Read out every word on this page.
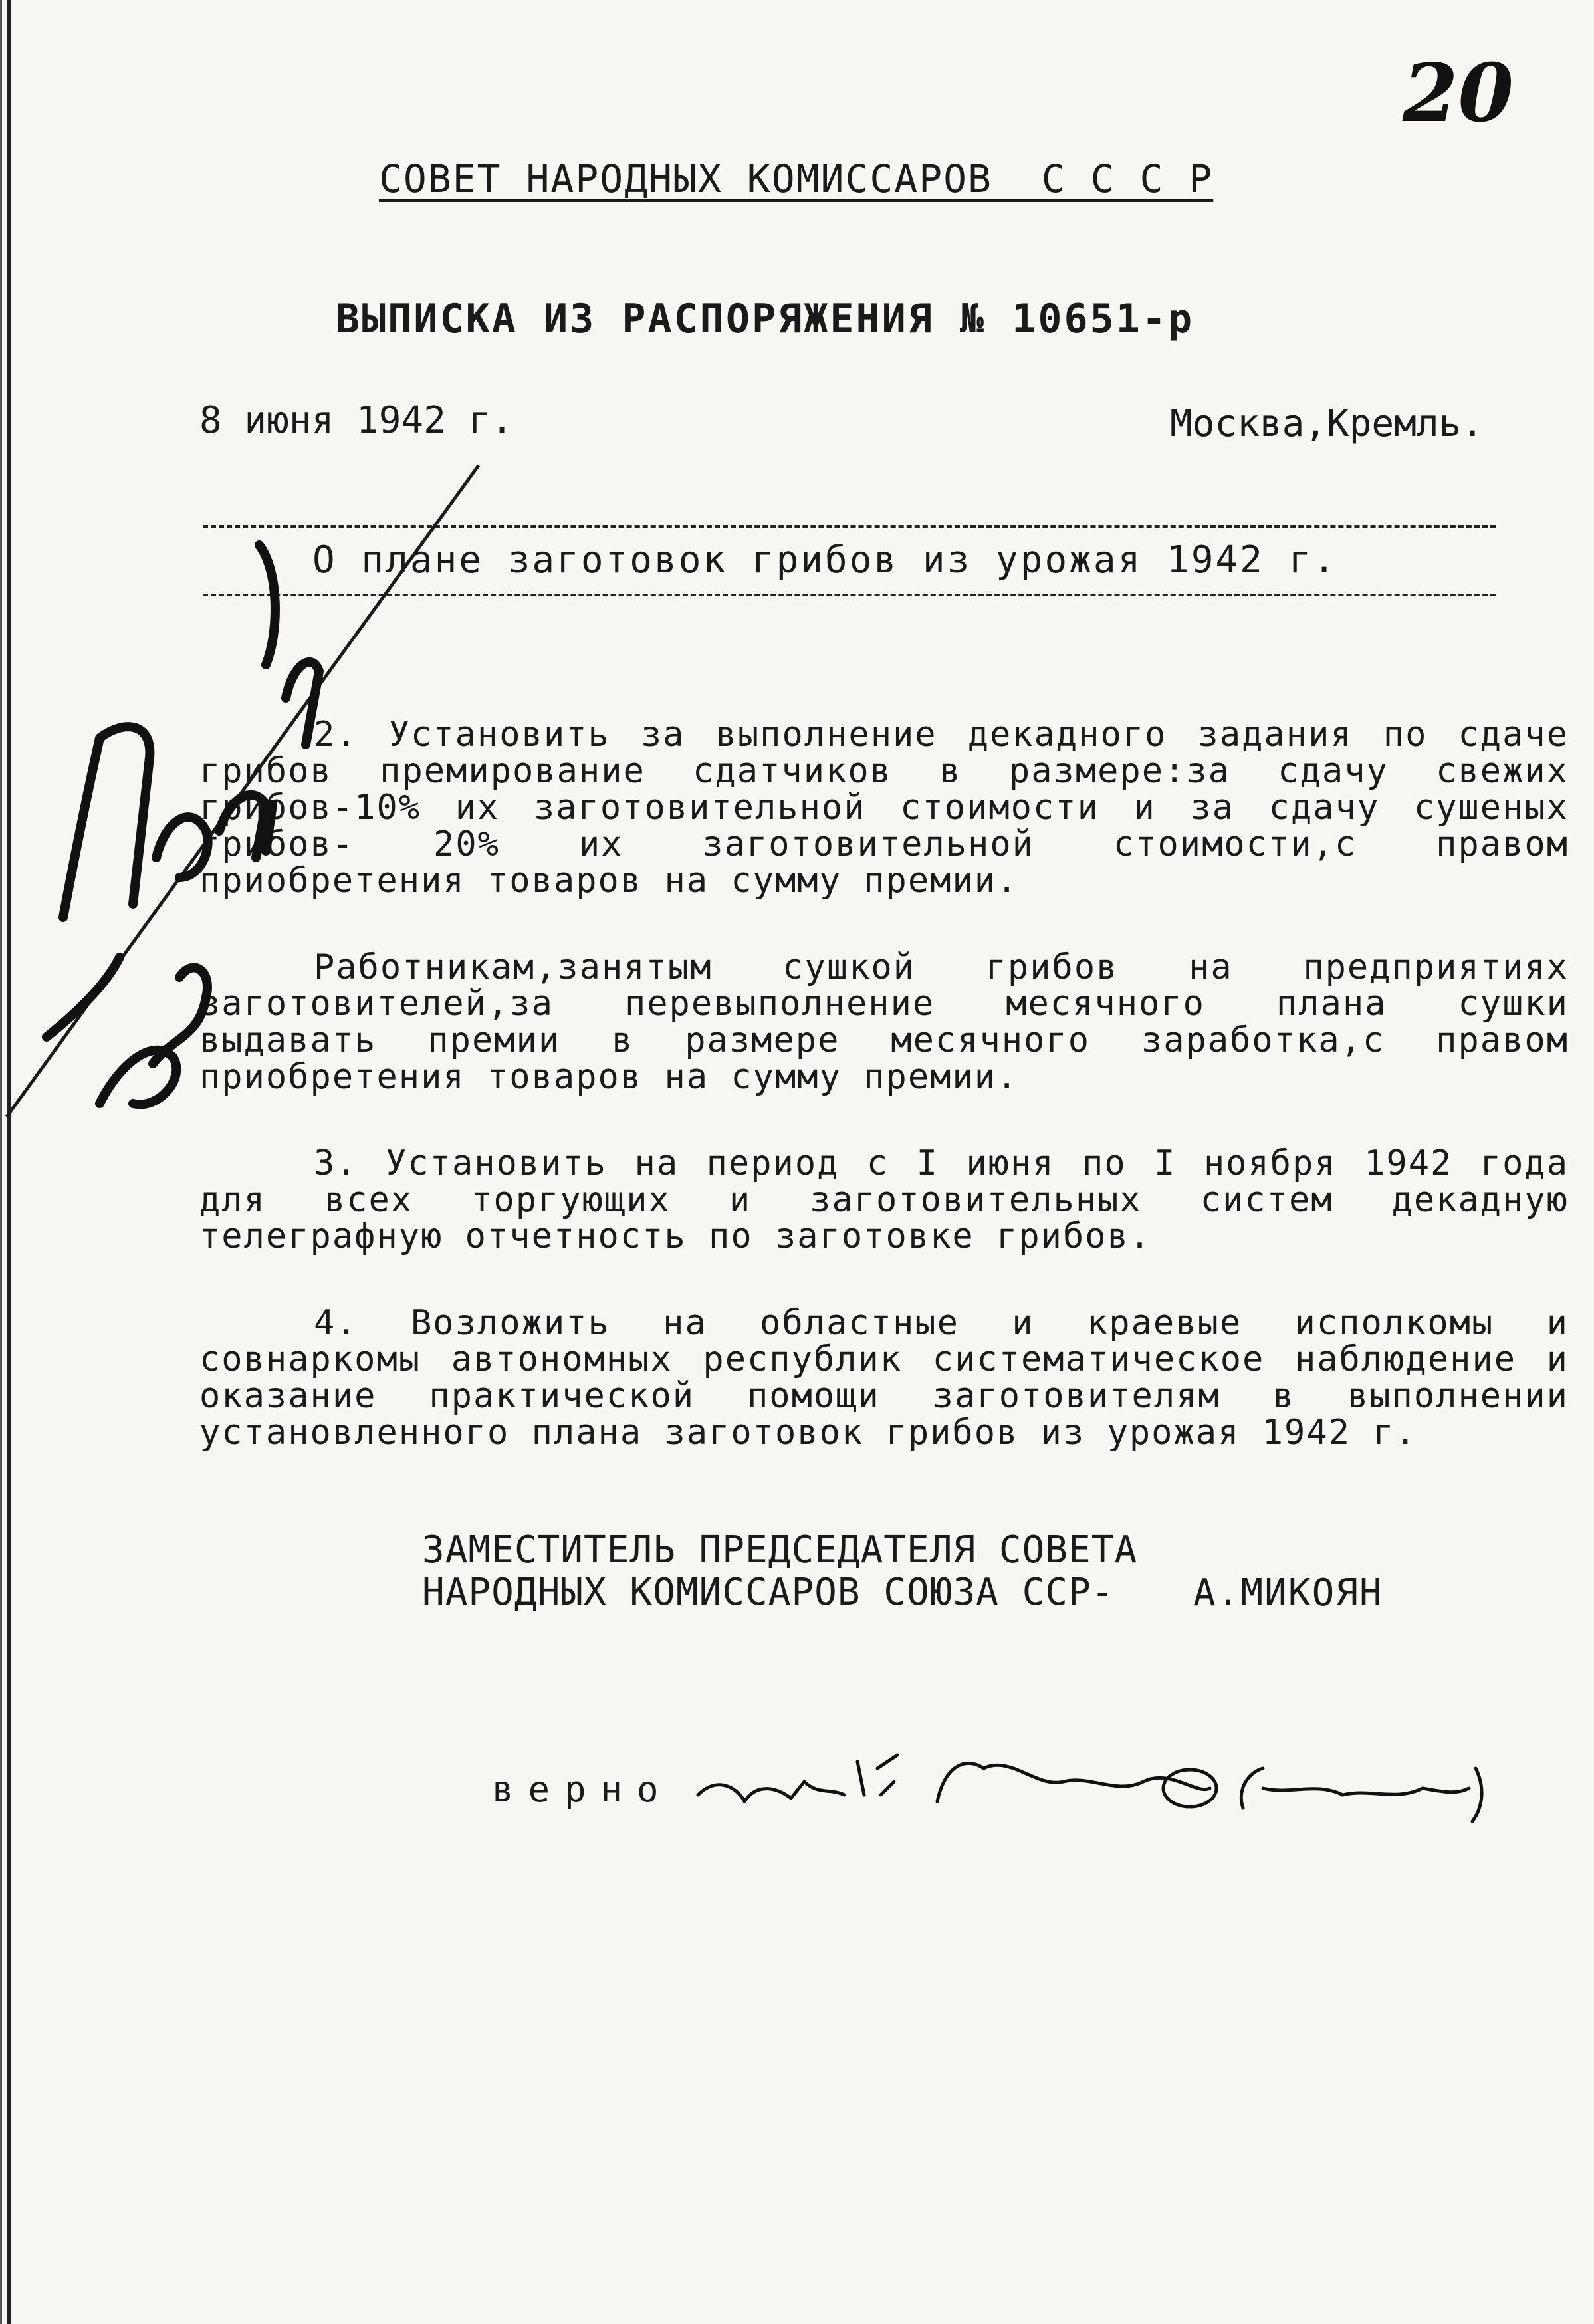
20
СОВЕТ_НАРОДНЫХ_КОМИССАРОВ__С_С_С_Р
ВЫПИСКА ИЗ РАСПОРЯЖЕНИЯ № 10651-р
8 июня 1942 г.	Москва,Кремль.
О плане заготовок грибов из урожая 1942 г.

2. Установить за выполнение декадного задания по сдаче грибов премирование сдатчиков в размере:за сдачу свежих грибов-10% их заготовительной стоимости и за сдачу сушеных грибов- 20% их заготовительной стоимости,с правом приобретения товаров на сумму премии.

Работникам,занятым сушкой грибов на предприятиях заготовителей,за перевыполнение месячного плана сушки выдавать премии в размере месячного заработка,с правом приобретения товаров на сумму премии.

3. Установить на период с I июня по I ноября 1942 года для всех торгующих и заготовительных систем декадную телеграфную отчетность по заготовке грибов.

4. Возложить на областные и краевые исполкомы и совнаркомы автономных республик систематическое наблюдение и оказание практической помощи заготовителям в выполнении установленного плана заготовок грибов из урожая 1942 г.

ЗАМЕСТИТЕЛЬ ПРЕДСЕДАТЕЛЯ СОВЕТА
НАРОДНЫХ КОМИССАРОВ СОЮЗА ССР-	А.МИКОЯН
верно
